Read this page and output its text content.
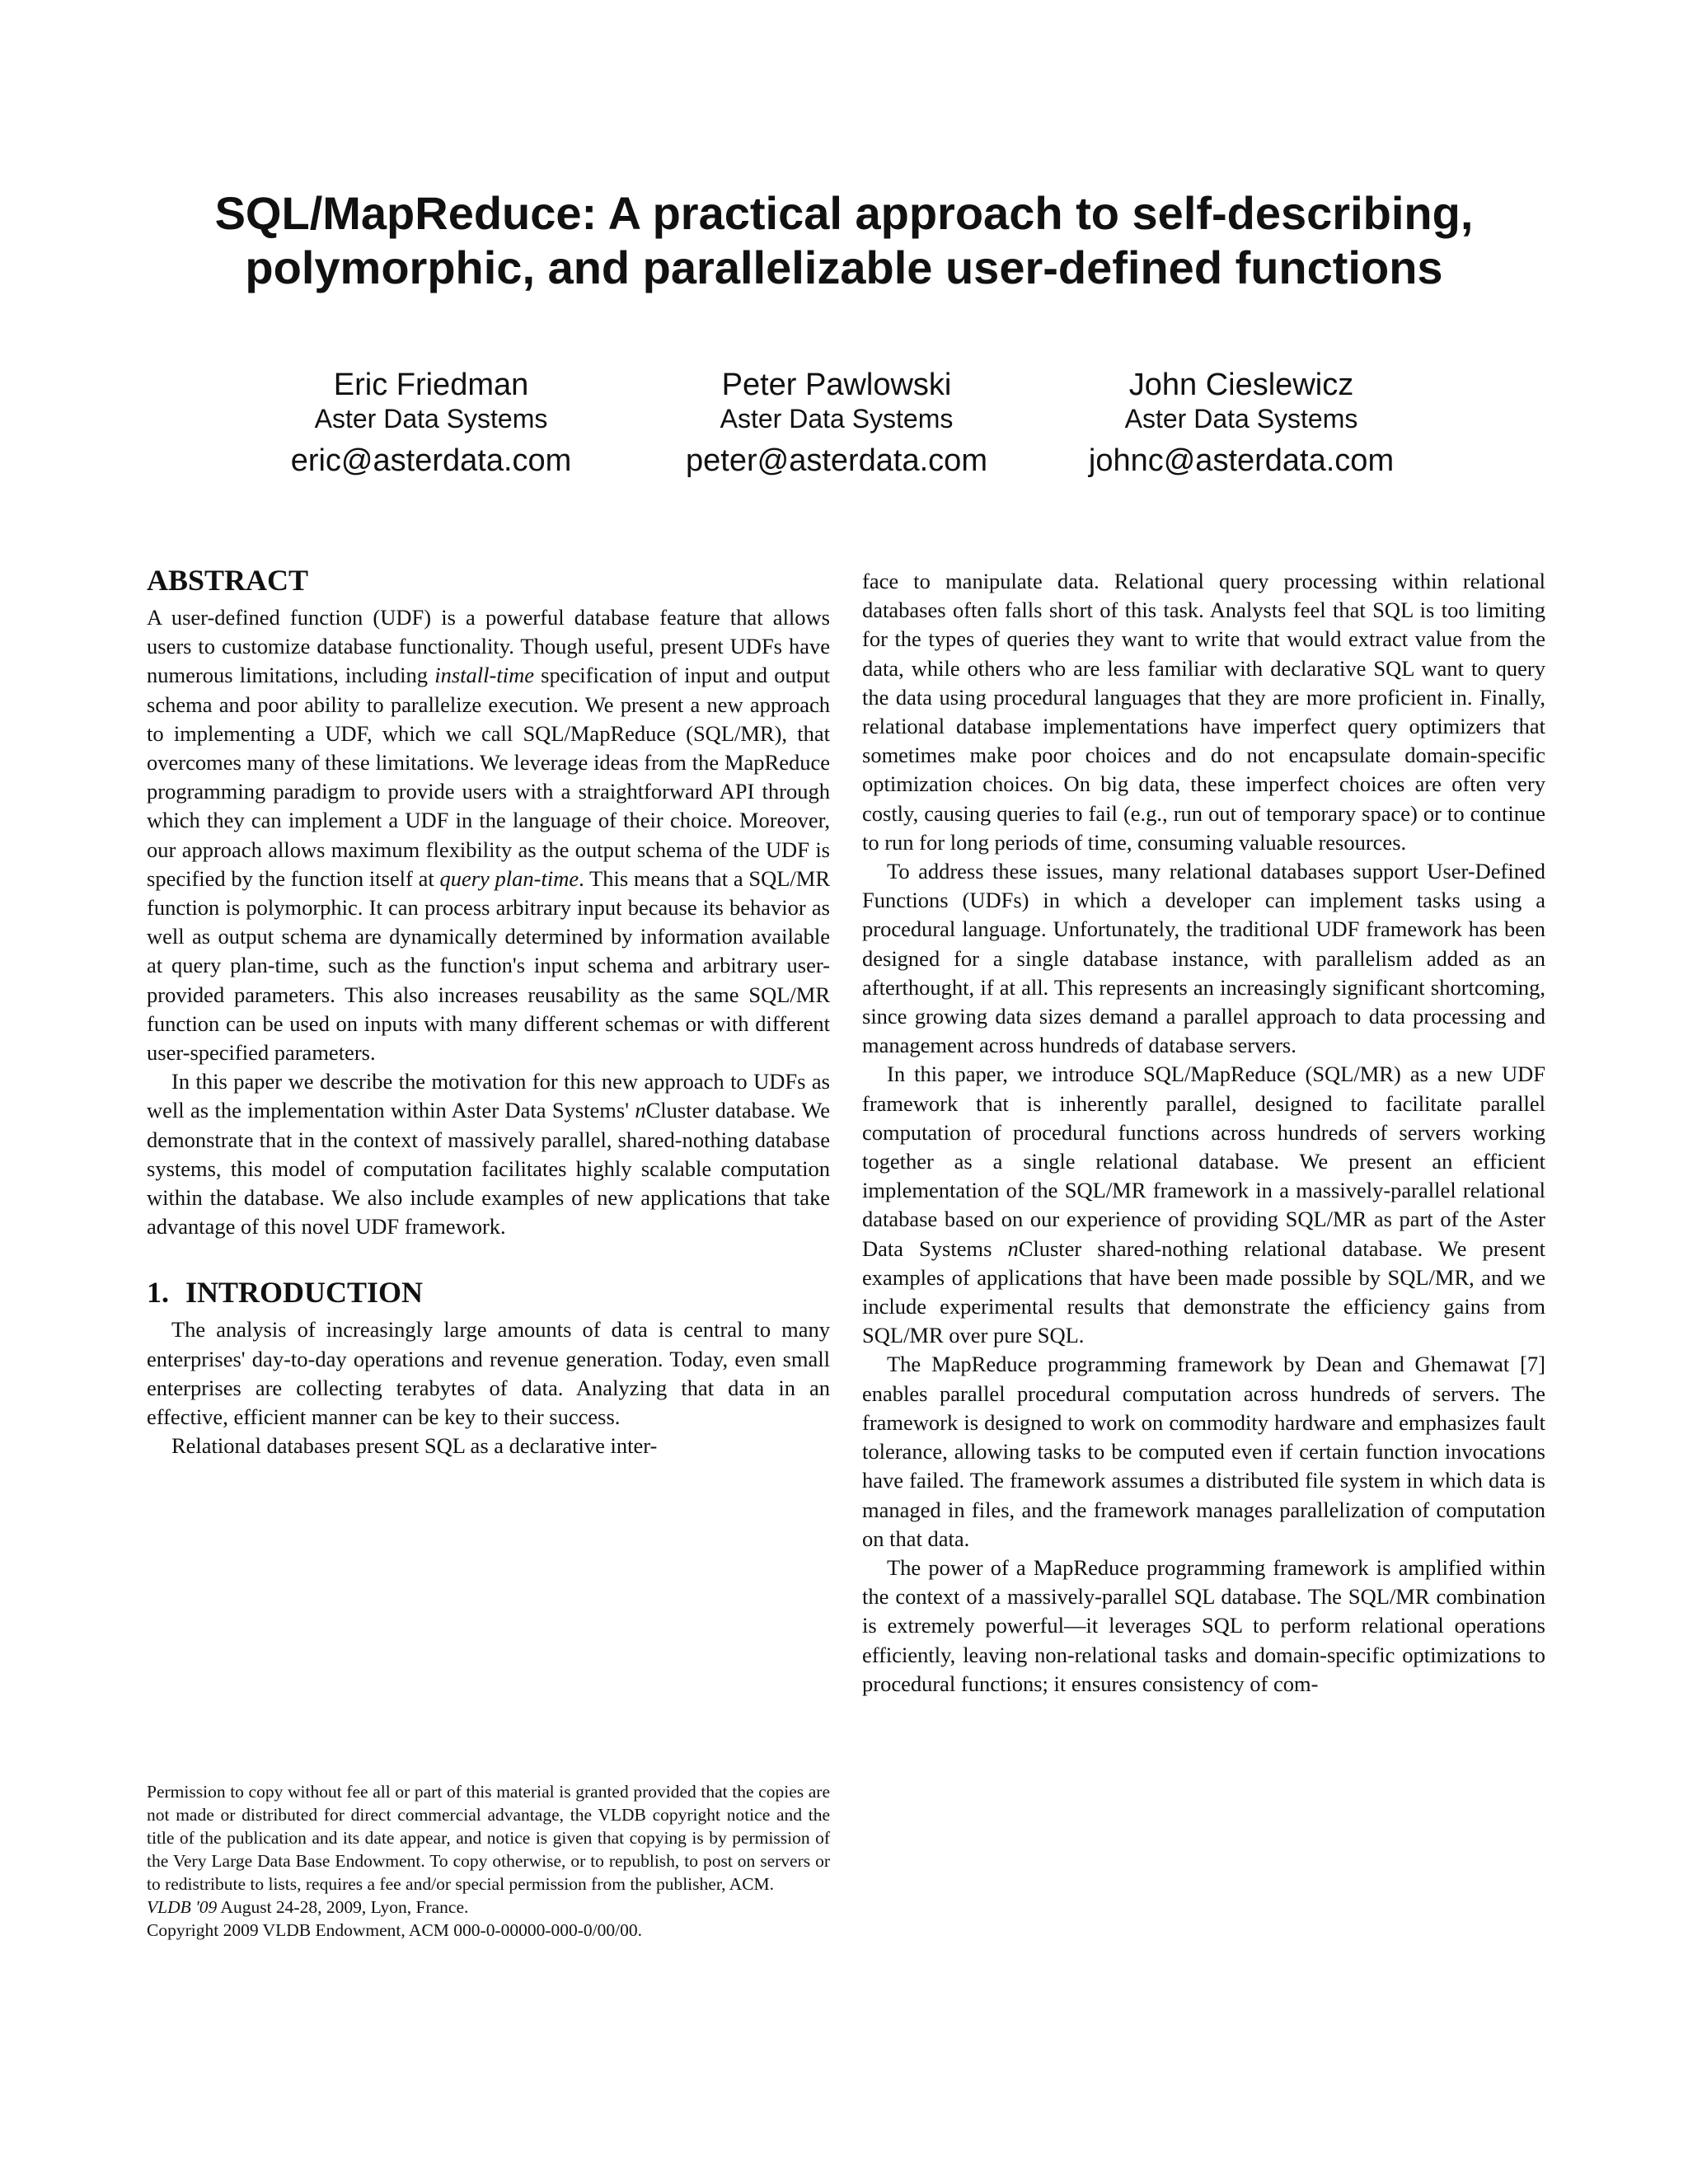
SQL/MapReduce: A practical approach to self-describing,
polymorphic, and parallelizable user-defined functions
Eric Friedman
Aster Data Systems
eric@asterdata.com
Peter Pawlowski
Aster Data Systems
peter@asterdata.com
John Cieslewicz
Aster Data Systems
johnc@asterdata.com
ABSTRACT

A user-defined function (UDF) is a powerful database feature that allows users to customize database functionality. Though useful, present UDFs have numerous limitations, including install-time specification of input and output schema and poor ability to parallelize execution. We present a new approach to implementing a UDF, which we call SQL/MapReduce (SQL/MR), that overcomes many of these limitations. We leverage ideas from the MapReduce programming paradigm to provide users with a straightforward API through which they can implement a UDF in the language of their choice. Moreover, our approach allows maximum flexibility as the output schema of the UDF is specified by the function itself at query plan-time. This means that a SQL/MR function is polymorphic. It can process arbitrary input because its behavior as well as output schema are dynamically determined by information available at query plan-time, such as the function's input schema and arbitrary user-provided parameters. This also increases reusability as the same SQL/MR function can be used on inputs with many different schemas or with different user-specified parameters.

In this paper we describe the motivation for this new approach to UDFs as well as the implementation within Aster Data Systems' nCluster database. We demonstrate that in the context of massively parallel, shared-nothing database systems, this model of computation facilitates highly scalable computation within the database. We also include examples of new applications that take advantage of this novel UDF framework.

1. INTRODUCTION

The analysis of increasingly large amounts of data is central to many enterprises' day-to-day operations and revenue generation. Today, even small enterprises are collecting terabytes of data. Analyzing that data in an effective, efficient manner can be key to their success.

Relational databases present SQL as a declarative inter-

face to manipulate data. Relational query processing within relational databases often falls short of this task. Analysts feel that SQL is too limiting for the types of queries they want to write that would extract value from the data, while others who are less familiar with declarative SQL want to query the data using procedural languages that they are more proficient in. Finally, relational database implementations have imperfect query optimizers that sometimes make poor choices and do not encapsulate domain-specific optimization choices. On big data, these imperfect choices are often very costly, causing queries to fail (e.g., run out of temporary space) or to continue to run for long periods of time, consuming valuable resources.

To address these issues, many relational databases support User-Defined Functions (UDFs) in which a developer can implement tasks using a procedural language. Unfortunately, the traditional UDF framework has been designed for a single database instance, with parallelism added as an afterthought, if at all. This represents an increasingly significant shortcoming, since growing data sizes demand a parallel approach to data processing and management across hundreds of database servers.

In this paper, we introduce SQL/MapReduce (SQL/MR) as a new UDF framework that is inherently parallel, designed to facilitate parallel computation of procedural functions across hundreds of servers working together as a single relational database. We present an efficient implementation of the SQL/MR framework in a massively-parallel relational database based on our experience of providing SQL/MR as part of the Aster Data Systems nCluster shared-nothing relational database. We present examples of applications that have been made possible by SQL/MR, and we include experimental results that demonstrate the efficiency gains from SQL/MR over pure SQL.

The MapReduce programming framework by Dean and Ghemawat [7] enables parallel procedural computation across hundreds of servers. The framework is designed to work on commodity hardware and emphasizes fault tolerance, allowing tasks to be computed even if certain function invocations have failed. The framework assumes a distributed file system in which data is managed in files, and the framework manages parallelization of computation on that data.

The power of a MapReduce programming framework is amplified within the context of a massively-parallel SQL database. The SQL/MR combination is extremely powerful—it leverages SQL to perform relational operations efficiently, leaving non-relational tasks and domain-specific optimizations to procedural functions; it ensures consistency of com-

Permission to copy without fee all or part of this material is granted provided that the copies are not made or distributed for direct commercial advantage, the VLDB copyright notice and the title of the publication and its date appear, and notice is given that copying is by permission of the Very Large Data Base Endowment. To copy otherwise, or to republish, to post on servers or to redistribute to lists, requires a fee and/or special permission from the publisher, ACM.

VLDB '09 August 24-28, 2009, Lyon, France.

Copyright 2009 VLDB Endowment, ACM 000-0-00000-000-0/00/00.
